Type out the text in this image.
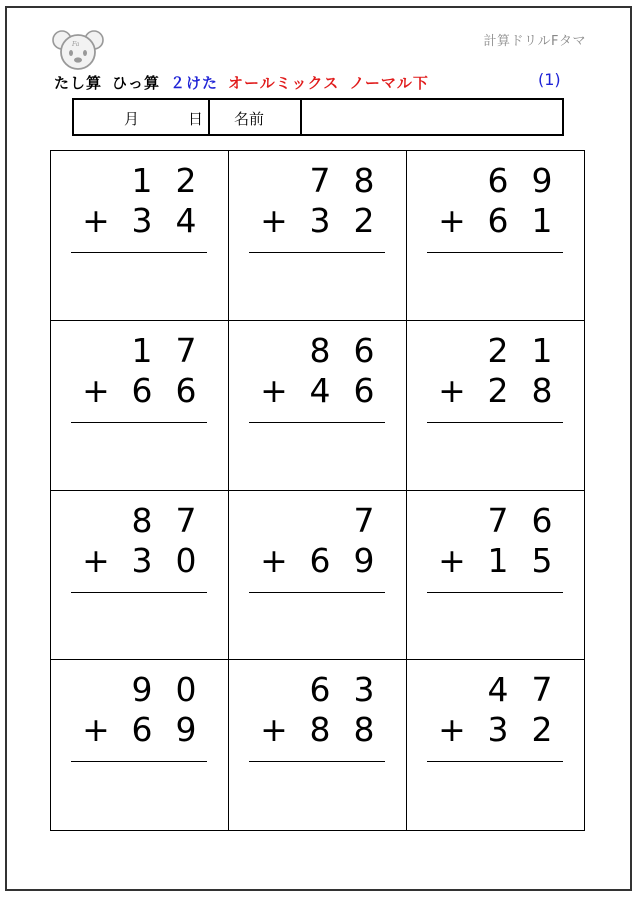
Fa	計算ドリルFタマ
たし算 ひっ算 ２けた オールミックス ノーマル下	(1)
月	日 名前
1 2
+ 3 4
7 8
+ 3 2
6 9
+ 6 1
1 7
+ 6 6
8 6
+ 4 6
2 1
+ 2 8
8 7
+ 3 0
7
+ 6 9
7 6
+ 1 5
9 0
+ 6 9
6 3
+ 8 8
4 7
+ 3 2
